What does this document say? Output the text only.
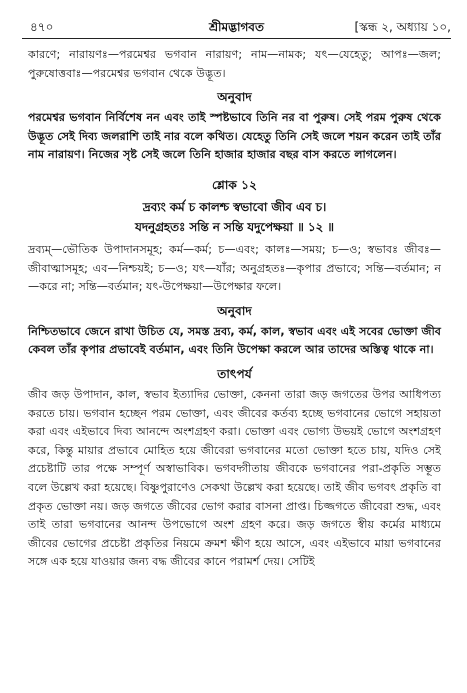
৪৭০	শ্রীমদ্ভাগবত	[স্কন্ধ ২, অধ্যায় ১০,

কারণে; নারায়ণঃ—পরমেশ্বর ভগবান নারায়ণ; নাম—নামক; যৎ—যেহেতু; আপঃ—জল; পুরুষোত্তবাঃ—পরমেশ্বর ভগবান থেকে উদ্ভূত।

অনুবাদ

পরমেশ্বর ভগবান নির্বিশেষ নন এবং তাই স্পষ্টভাবে তিনি নর বা পুরুষ। সেই পরম পুরুষ থেকে উদ্ভূত সেই দিব্য জলরাশি তাই নার বলে কথিত। যেহেতু তিনি সেই জলে শয়ন করেন তাই তাঁর নাম নারায়ণ। নিজের সৃষ্ট সেই জলে তিনি হাজার হাজার বছর বাস করতে লাগলেন।

শ্লোক ১২
দ্রব্যং কর্ম চ কালশ্চ স্বভাবো জীব এব চ।
যদনুগ্রহতঃ সন্তি ন সন্তি যদুপেক্ষয়া ॥ ১২ ॥

দ্রব্যম্—ভৌতিক উপাদানসমূহ; কর্ম—কর্ম; চ—এবং; কালঃ—সময়; চ—ও; স্বভাবঃ জীবঃ—জীবাত্মাসমূহ; এব—নিশ্চয়ই; চ—ও; যৎ—যাঁর; অনুগ্রহতঃ—কৃপার প্রভাবে; সন্তি—বর্তমান; ন—করে না; সন্তি—বর্তমান; যৎ-উপেক্ষয়া—উপেক্ষার ফলে।

অনুবাদ

নিশ্চিতভাবে জেনে রাখা উচিত যে, সমস্ত দ্রব্য, কর্ম, কাল, স্বভাব এবং এই সবের ভোক্তা জীব কেবল তাঁর কৃপার প্রভাবেই বর্তমান, এবং তিনি উপেক্ষা করলে আর তাদের অস্তিত্ব থাকে না।

তাৎপর্য

জীব জড় উপাদান, কাল, স্বভাব ইত্যাদির ভোক্তা, কেননা তারা জড় জগতের উপর আধিপত্য করতে চায়। ভগবান হচ্ছেন পরম ভোক্তা, এবং জীবের কর্তব্য হচ্ছে ভগবানের ভোগে সহায়তা করা এবং এইভাবে দিব্য আনন্দে অংশগ্রহণ করা। ভোক্তা এবং ভোগ্য উভয়ই ভোগে অংশগ্রহণ করে, কিন্তু মায়ার প্রভাবে মোহিত হয়ে জীবেরা ভগবানের মতো ভোক্তা হতে চায়, যদিও সেই প্রচেষ্টাটি তার পক্ষে সম্পূর্ণ অস্বাভাবিক। ভগবদ্গীতায় জীবকে ভগবানের পরা-প্রকৃতি সম্ভূত বলে উল্লেখ করা হয়েছে। বিষ্ণুপুরাণেও সেকথা উল্লেখ করা হয়েছে। তাই জীব ভগবৎ প্রকৃতি বা প্রকৃত ভোক্তা নয়। জড় জগতে জীবের ভোগ করার বাসনা প্রাপ্ত। চিজ্জগতে জীবেরা শুদ্ধ, এবং তাই তারা ভগবানের আনন্দ উপভোগে অংশ গ্রহণ করে। জড় জগতে স্বীয় কর্মের মাধ্যমে জীবের ভোগের প্রচেষ্টা প্রকৃতির নিয়মে ক্রমশ ক্ষীণ হয়ে আসে, এবং এইভাবে মায়া ভগবানের সঙ্গে এক হয়ে যাওয়ার জন্য বদ্ধ জীবের কানে পরামর্শ দেয়। সেটিই
